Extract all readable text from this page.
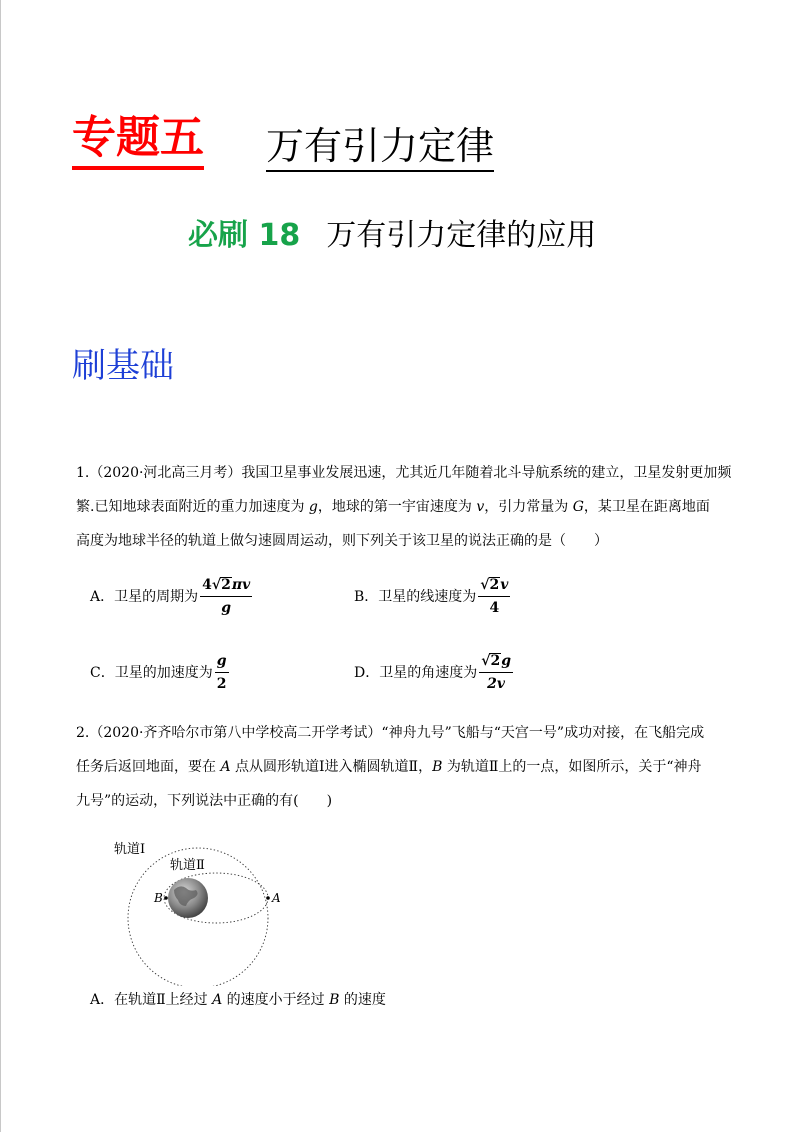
专题五 万有引力定律
必刷 18 万有引力定律的应用
刷基础
1.（2020·河北高三月考）我国卫星事业发展迅速，尤其近几年随着北斗导航系统的建立，卫星发射更加频
繁.已知地球表面附近的重力加速度为 g，地球的第一宇宙速度为 v，引力常量为 G，某卫星在距离地面
高度为地球半径的轨道上做匀速圆周运动，则下列关于该卫星的说法正确的是（　　）
A．卫星的周期为 $\frac{4√2\pi v}{g}$	B．卫星的线速度为 $\frac{√2v}{4}$
C．卫星的加速度为 $\frac{g}{2}$	D．卫星的角速度为 $\frac{√2g}{2v}$
2.（2020·齐齐哈尔市第八中学校高二开学考试）“神舟九号”飞船与“天宫一号”成功对接，在飞船完成
任务后返回地面，要在 A 点从圆形轨道Ⅰ进入椭圆轨道Ⅱ，B 为轨道Ⅱ上的一点，如图所示，关于“神舟
九号”的运动，下列说法中正确的有(　　)
轨道Ⅰ
轨道Ⅱ
B	A
A．在轨道Ⅱ上经过 A 的速度小于经过 B 的速度
